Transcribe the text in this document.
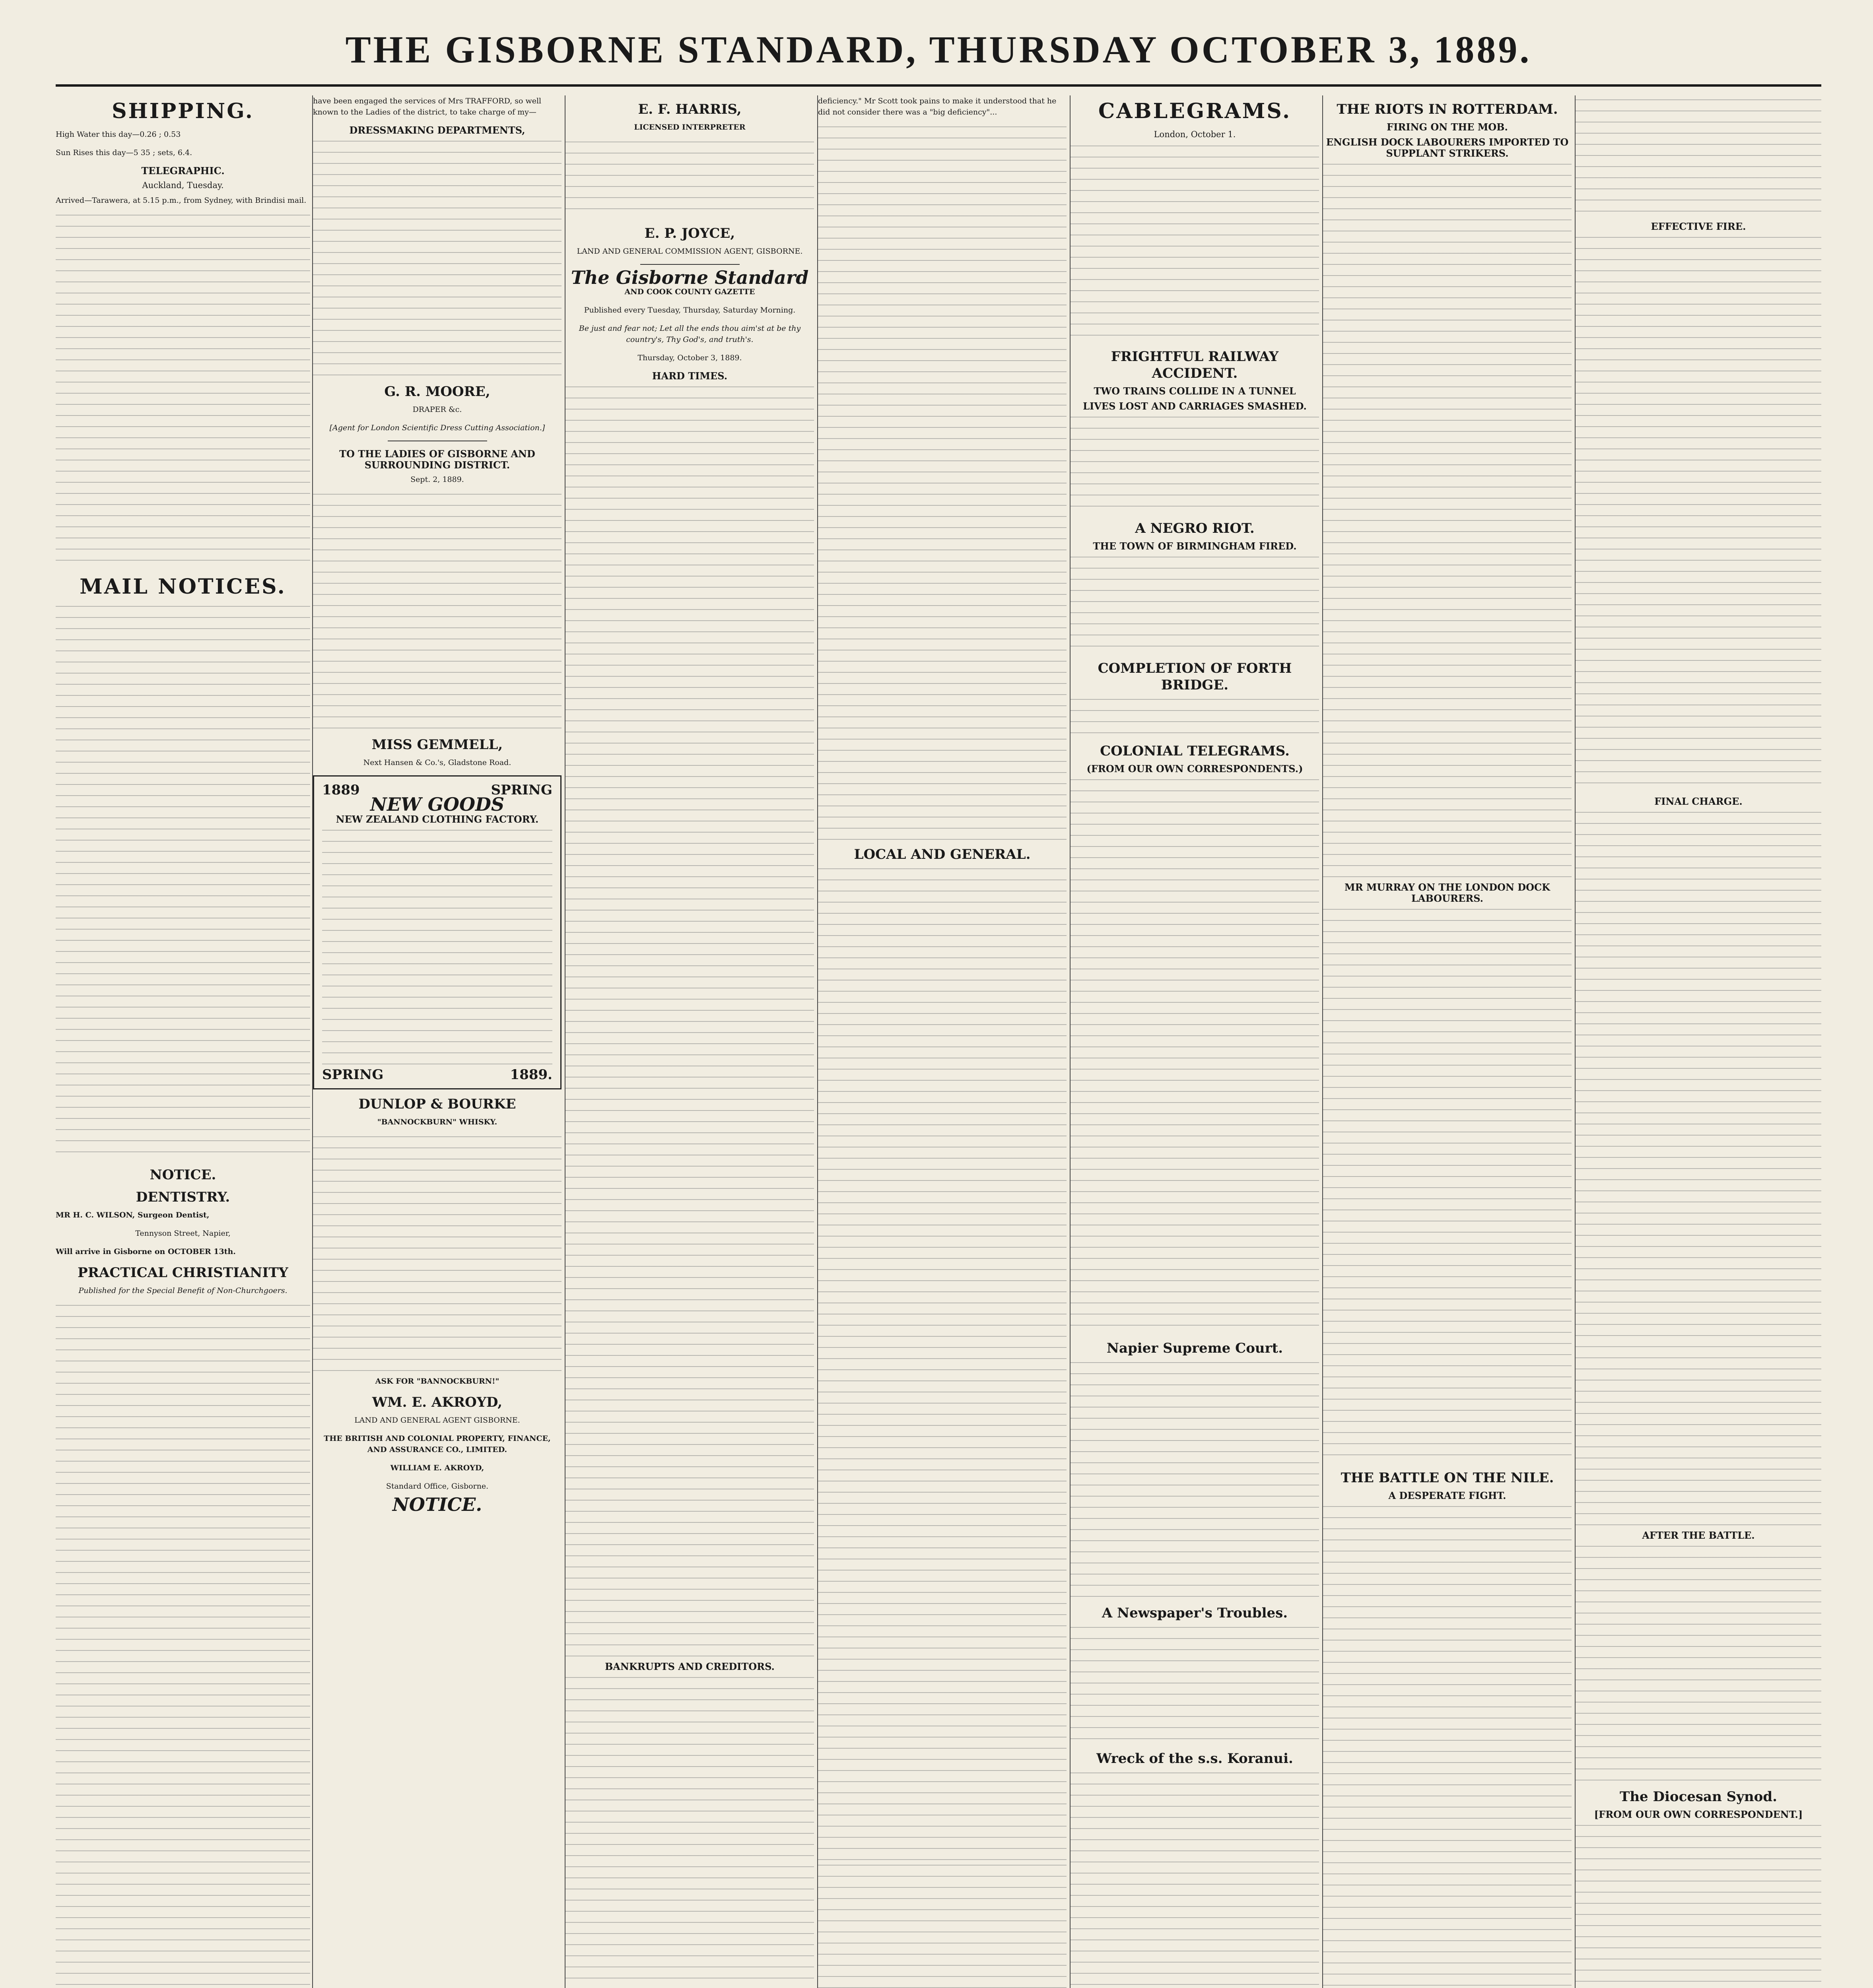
THE GISBORNE STANDARD, THURSDAY OCTOBER 3, 1889.
SHIPPING.
High Water this day—0.26 ; 0.53
Sun Rises this day—5 35 ; sets, 6.4.
TELEGRAPHIC.
Auckland, Tuesday.
Arrived—Tarawera, at 5.15 p.m., from Sydney, with Brindisi mail.
MAIL NOTICES.
NOTICE.
DENTISTRY.
MR H. C. WILSON, Surgeon Dentist,
Tennyson Street, Napier,
Will arrive in Gisborne on OCTOBER 13th.
PRACTICAL CHRISTIANITY
Published for the Special Benefit of Non-Churchgoers.
have been engaged the services of Mrs TRAFFORD, so well known to the Ladies of the district, to take charge of my—
DRESSMAKING DEPARTMENTS,
G. R. MOORE,
DRAPER &c.
[Agent for London Scientific Dress Cutting Association.]
TO THE LADIES OF GISBORNE AND SURROUNDING DISTRICT.
Sept. 2, 1889.
MISS GEMMELL,
Next Hansen & Co.'s, Gladstone Road.
1889	SPRING
NEW GOODS
NEW ZEALAND CLOTHING FACTORY.
SPRING	1889.
DUNLOP & BOURKE
"BANNOCKBURN" WHISKY.
ASK FOR "BANNOCKBURN!"
WM. E. AKROYD,
LAND AND GENERAL AGENT GISBORNE.
THE BRITISH AND COLONIAL PROPERTY, FINANCE, AND ASSURANCE CO., LIMITED.
WILLIAM E. AKROYD,
Standard Office, Gisborne.
NOTICE.
E. F. HARRIS,
LICENSED INTERPRETER
E. P. JOYCE,
LAND AND GENERAL COMMISSION AGENT, GISBORNE.
The Gisborne Standard
AND COOK COUNTY GAZETTE
Published every Tuesday, Thursday, Saturday Morning.
Be just and fear not; Let all the ends thou aim'st at be thy country's, Thy God's, and truth's.
Thursday, October 3, 1889.
HARD TIMES.
BANKRUPTS AND CREDITORS.
deficiency." Mr Scott took pains to make it understood that he did not consider there was a "big deficiency"...
LOCAL AND GENERAL.
CABLEGRAMS.
London, October 1.
FRIGHTFUL RAILWAY ACCIDENT.
TWO TRAINS COLLIDE IN A TUNNEL
LIVES LOST AND CARRIAGES SMASHED.
A NEGRO RIOT.
THE TOWN OF BIRMINGHAM FIRED.
COMPLETION OF FORTH BRIDGE.
COLONIAL TELEGRAMS.
(FROM OUR OWN CORRESPONDENTS.)
Napier Supreme Court.
A Newspaper's Troubles.
Wreck of the s.s. Koranui.
THE RIOTS IN ROTTERDAM.
FIRING ON THE MOB.
ENGLISH DOCK LABOURERS IMPORTED TO SUPPLANT STRIKERS.
MR MURRAY ON THE LONDON DOCK LABOURERS.
THE BATTLE ON THE NILE.
A DESPERATE FIGHT.
EFFECTIVE FIRE.
FINAL CHARGE.
AFTER THE BATTLE.
The Diocesan Synod.
[FROM OUR OWN CORRESPONDENT.]
